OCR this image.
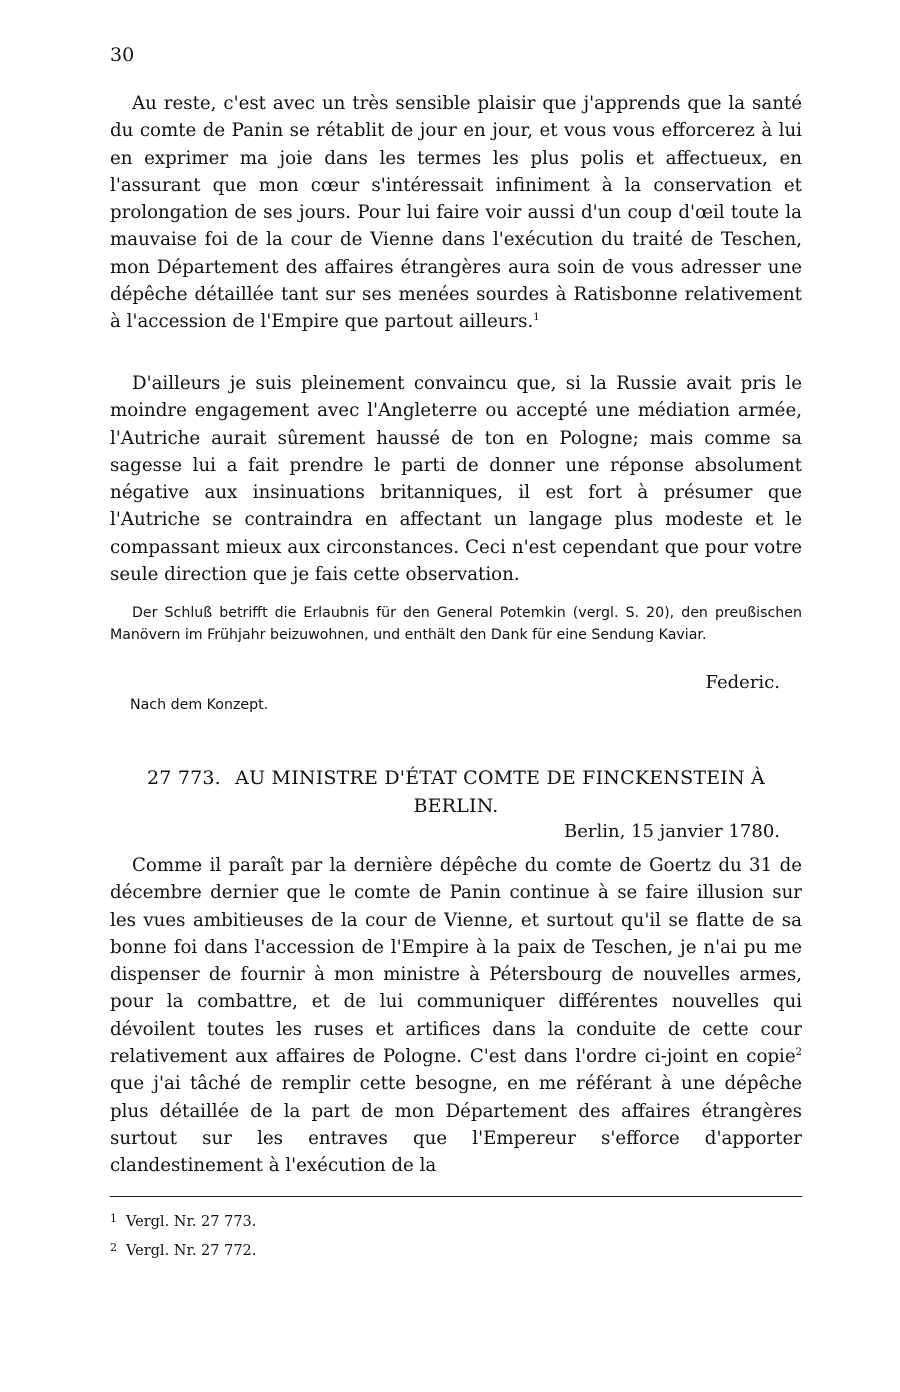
30

Au reste, c'est avec un très sensible plaisir que j'apprends que la santé du comte de Panin se rétablit de jour en jour, et vous vous efforcerez à lui en exprimer ma joie dans les termes les plus polis et affectueux, en l'assurant que mon cœur s'intéressait infiniment à la conservation et prolongation de ses jours. Pour lui faire voir aussi d'un coup d'œil toute la mauvaise foi de la cour de Vienne dans l'exécution du traité de Teschen, mon Département des affaires étrangères aura soin de vous adresser une dépêche détaillée tant sur ses menées sourdes à Ratisbonne relativement à l'accession de l'Empire que partout ailleurs.$^1$

D'ailleurs je suis pleinement convaincu que, si la Russie avait pris le moindre engagement avec l'Angleterre ou accepté une médiation armée, l'Autriche aurait sûrement haussé de ton en Pologne; mais comme sa sagesse lui a fait prendre le parti de donner une réponse absolument négative aux insinuations britanniques, il est fort à présumer que l'Autriche se contraindra en affectant un langage plus modeste et le compassant mieux aux circonstances. Ceci n'est cependant que pour votre seule direction que je fais cette observation.

Der Schluß betrifft die Erlaubnis für den General Potemkin (vergl. S. 20), den preußischen Manövern im Frühjahr beizuwohnen, und enthält den Dank für eine Sendung Kaviar.
Federic.
Nach dem Konzept.
27 773. AU MINISTRE D'ÉTAT COMTE DE FINCKENSTEIN À BERLIN.
Berlin, 15 janvier 1780.

Comme il paraît par la dernière dépêche du comte de Goertz du 31 de décembre dernier que le comte de Panin continue à se faire illusion sur les vues ambitieuses de la cour de Vienne, et surtout qu'il se flatte de sa bonne foi dans l'accession de l'Empire à la paix de Teschen, je n'ai pu me dispenser de fournir à mon ministre à Pétersbourg de nouvelles armes, pour la combattre, et de lui communiquer différentes nouvelles qui dévoilent toutes les ruses et artifices dans la conduite de cette cour relativement aux affaires de Pologne. C'est dans l'ordre ci-joint en copie$^2$ que j'ai tâché de remplir cette besogne, en me référant à une dépêche plus détaillée de la part de mon Département des affaires étrangères surtout sur les entraves que l'Empereur s'efforce d'apporter clandestinement à l'exécution de la

1 Vergl. Nr. 27 773.
2 Vergl. Nr. 27 772.
